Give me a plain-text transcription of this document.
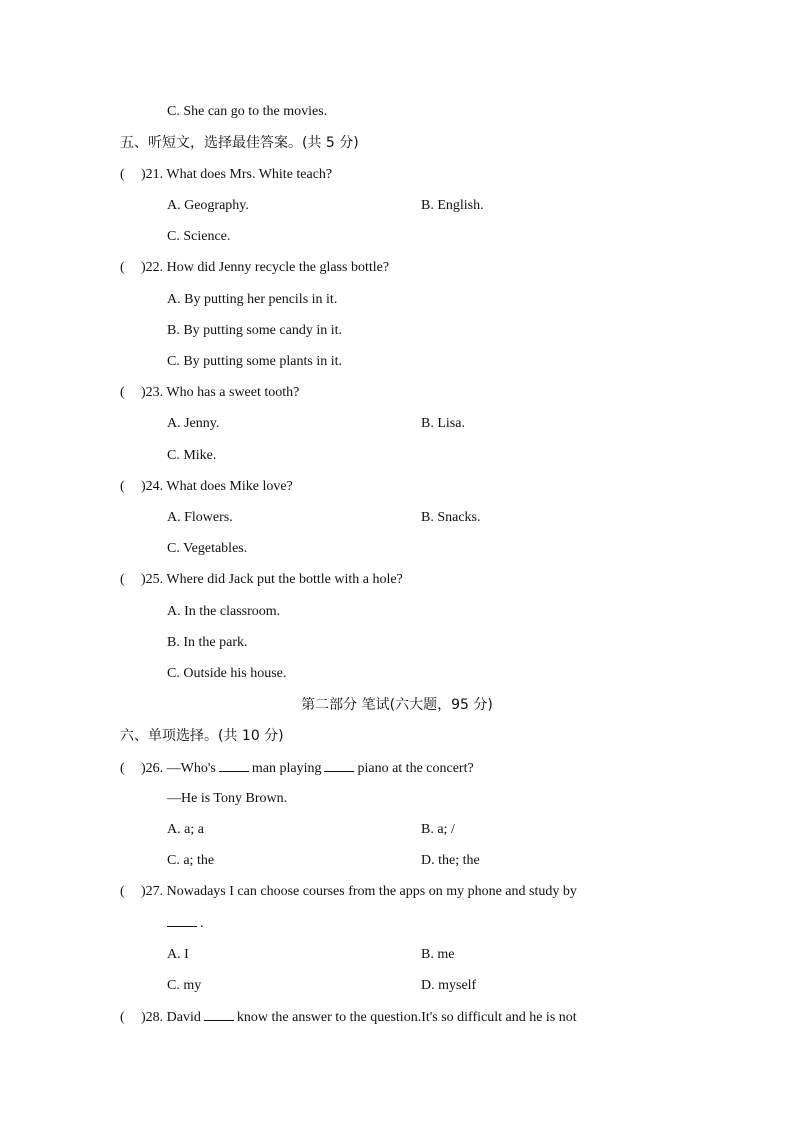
C. She can go to the movies.
五、听短文，选择最佳答案。(共 5 分)
( )21. What does Mrs. White teach?
A. Geography.	B. English.
C. Science.
( )22. How did Jenny recycle the glass bottle?
A. By putting her pencils in it.
B. By putting some candy in it.
C. By putting some plants in it.
( )23. Who has a sweet tooth?
A. Jenny.	B. Lisa.
C. Mike.
( )24. What does Mike love?
A. Flowers.	B. Snacks.
C. Vegetables.
( )25. Where did Jack put the bottle with a hole?
A. In the classroom.
B. In the park.
C. Outside his house.
第二部分 笔试(六大题，95 分)
六、单项选择。(共 10 分)
( )26. —Who's	man playing	piano at the concert?
—He is Tony Brown.
A. a; a	B. a; /
C. a; the	D. the; the
( )27. Nowadays I can choose courses from the apps on my phone and study by
.
A. I	B. me
C. my	D. myself
( )28. David	know the answer to the question.It's so difficult and he is not
